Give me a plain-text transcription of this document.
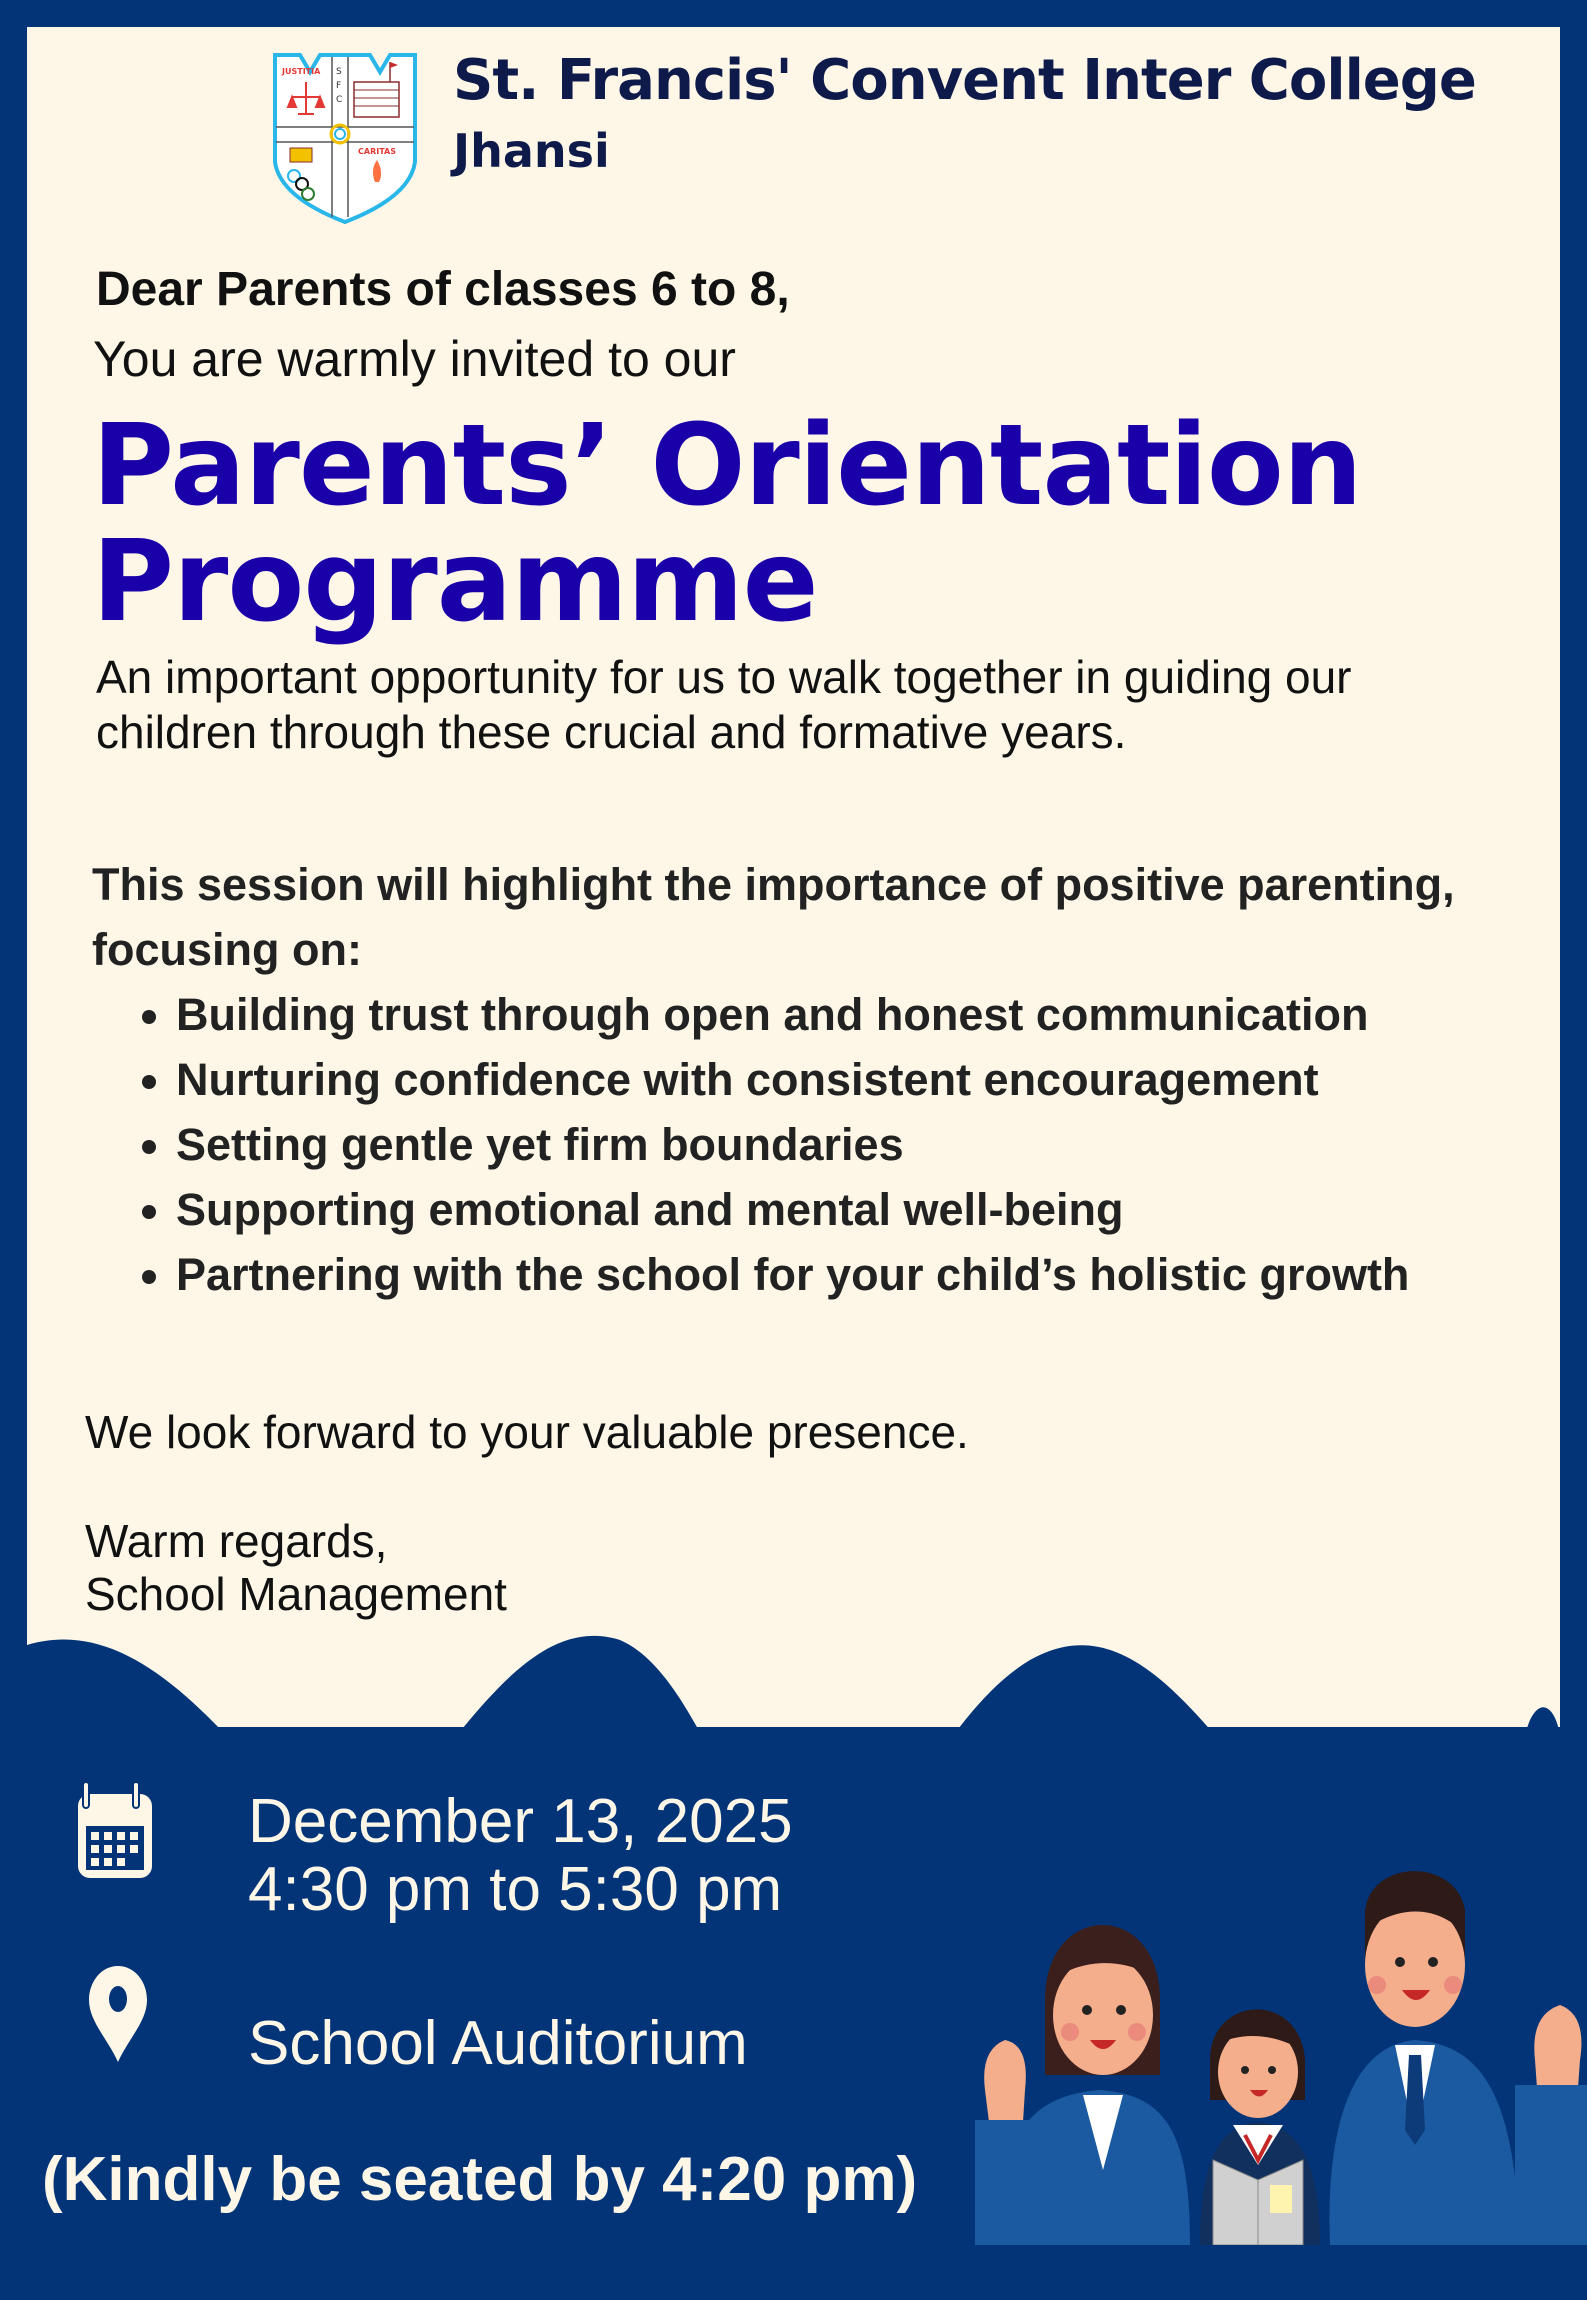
JUSTITIA
CARITAS
S
F
C St. Francis' Convent Inter College
Jhansi
Dear Parents of classes 6 to 8,
You are warmly invited to our
Parents’ Orientation
Programme
An important opportunity for us to walk together in guiding our children through these crucial and formative years.
This session will highlight the importance of positive parenting, focusing on:
• Building trust through open and honest communication
• Nurturing confidence with consistent encouragement
• Setting gentle yet firm boundaries
• Supporting emotional and mental well-being
• Partnering with the school for your child’s holistic growth
We look forward to your valuable presence.
Warm regards,
School Management
December 13, 2025
4:30 pm to 5:30 pm
School Auditorium
(Kindly be seated by 4:20 pm)
